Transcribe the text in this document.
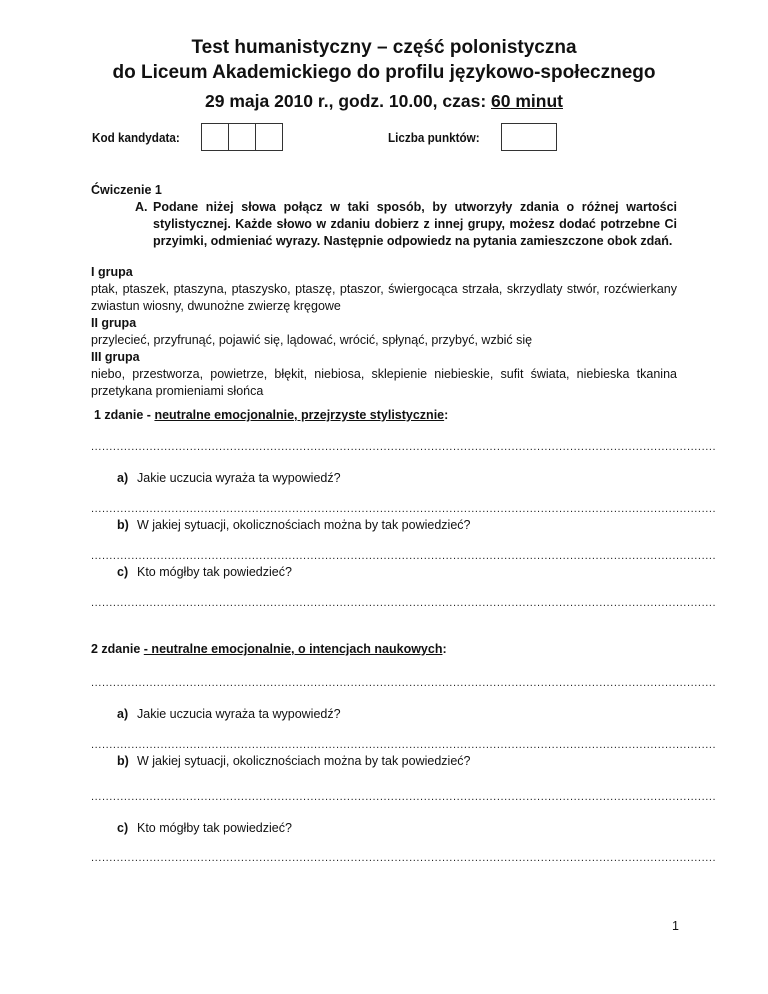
Test humanistyczny – część polonistyczna
do Liceum Akademickiego do profilu językowo-społecznego
29 maja 2010 r., godz. 10.00, czas: 60 minut
Kod kandydata:	Liczba punktów:
Ćwiczenie 1
A. Podane niżej słowa połącz w taki sposób, by utworzyły zdania o różnej wartości stylistycznej. Każde słowo w zdaniu dobierz z innej grupy, możesz dodać potrzebne Ci przyimki, odmieniać wyrazy. Następnie odpowiedz na pytania zamieszczone obok zdań.
I grupa
ptak, ptaszek, ptaszyna, ptaszysko, ptaszę, ptaszor, świergocąca strzała, skrzydlaty stwór, rozćwierkany zwiastun wiosny, dwunożne zwierzę kręgowe
II grupa
przylecieć, przyfrunąć, pojawić się, lądować, wrócić, spłynąć, przybyć, wzbić się
III grupa
niebo, przestworza, powietrze, błękit, niebiosa, sklepienie niebieskie, sufit świata, niebieska tkanina przetykana promieniami słońca
1 zdanie - neutralne emocjonalnie, przejrzyste stylistycznie:
...........................................................................................................................................................................
a) Jakie uczucia wyraża ta wypowiedź?
...........................................................................................................................................................................
b) W jakiej sytuacji, okolicznościach można by tak powiedzieć?
...........................................................................................................................................................................
c) Kto mógłby tak powiedzieć?
...........................................................................................................................................................................
2 zdanie - neutralne emocjonalnie, o intencjach naukowych:
...........................................................................................................................................................................
a) Jakie uczucia wyraża ta wypowiedź?
...........................................................................................................................................................................
b) W jakiej sytuacji, okolicznościach można by tak powiedzieć?
...........................................................................................................................................................................
c) Kto mógłby tak powiedzieć?
...........................................................................................................................................................................
1
